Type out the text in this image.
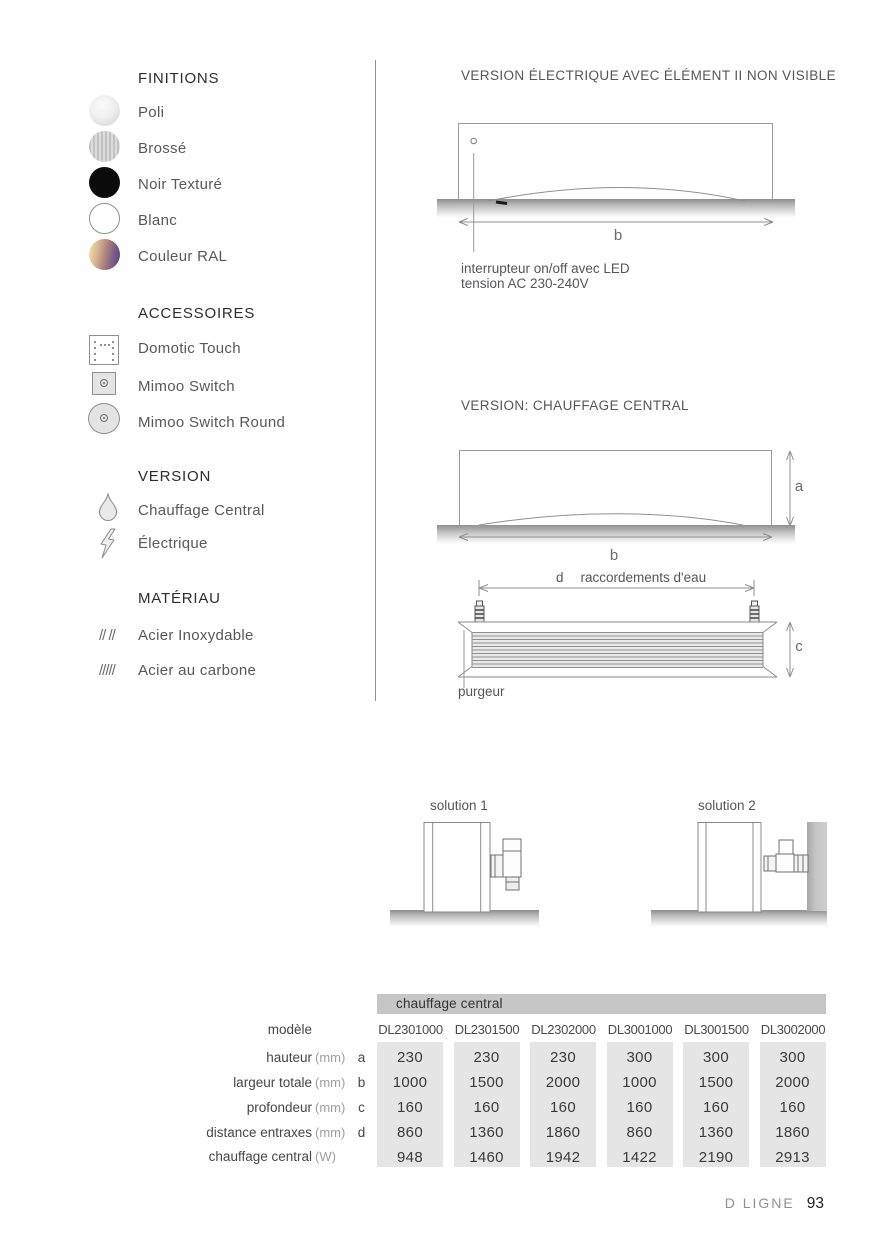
FINITIONS
Poli
Brossé
Noir Texturé
Blanc
Couleur RAL
ACCESSOIRES
Domotic Touch
Mimoo Switch
Mimoo Switch Round
VERSION
Chauffage Central
Électrique
MATÉRIAU
// //
/////
Acier Inoxydable
Acier au carbone
VERSION ÉLECTRIQUE AVEC ÉLÉMENT II NON VISIBLE
b
interrupteur on/off avec LED
tension AC 230-240V
VERSION: CHAUFFAGE CENTRAL
a
b
d raccordements d'eau
c
purgeur
solution 1	solution 2
chauffage central
modèle
hauteur (mm)
largeur totale (mm)
profondeur (mm)
distance entraxes (mm)
chauffage central (W)
a
b
c
d
DL2301000 DL2301500 DL2302000 DL3001000 DL3001500 DL3002000
230
1000
160
860
948
230
1500
160
1360
1460
230
2000
160
1860
1942
300
1000
160
860
1422
300
1500
160
1360
2190
300
2000
160
1860
2913
D LIGNE 93
